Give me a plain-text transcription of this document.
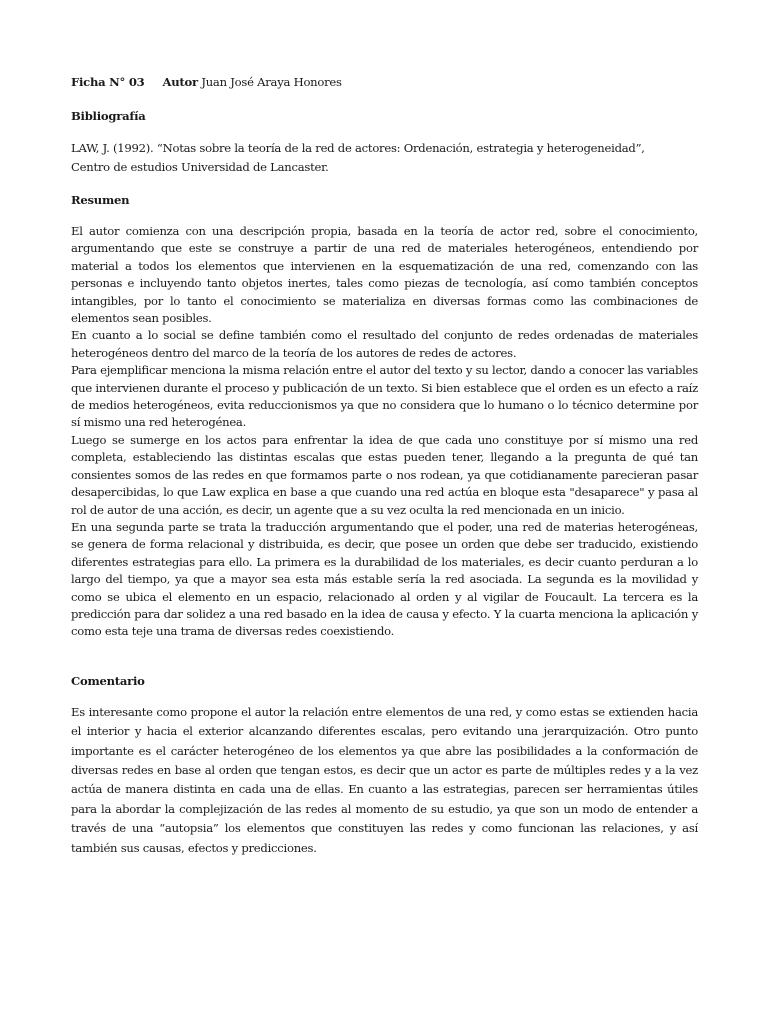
Ficha N° 03 Autor Juan José Araya Honores
Bibliografía
LAW, J. (1992). “Notas sobre la teoría de la red de actores: Ordenación, estrategia y heterogeneidad”,
Centro de estudios Universidad de Lancaster.
Resumen

El autor comienza con una descripción propia, basada en la teoría de actor red, sobre el conocimiento, argumentando que este se construye a partir de una red de materiales heterogéneos, entendiendo por material a todos los elementos que intervienen en la esquematización de una red, comenzando con las personas e incluyendo tanto objetos inertes, tales como piezas de tecnología, así como también conceptos intangibles, por lo tanto el conocimiento se materializa en diversas formas como las combinaciones de elementos sean posibles.

En cuanto a lo social se define también como el resultado del conjunto de redes ordenadas de materiales heterogéneos dentro del marco de la teoría de los autores de redes de actores.

Para ejemplificar menciona la misma relación entre el autor del texto y su lector, dando a conocer las variables que intervienen durante el proceso y publicación de un texto. Si bien establece que el orden es un efecto a raíz de medios heterogéneos, evita reduccionismos ya que no considera que lo humano o lo técnico determine por sí mismo una red heterogénea.

Luego se sumerge en los actos para enfrentar la idea de que cada uno constituye por sí mismo una red completa, estableciendo las distintas escalas que estas pueden tener, llegando a la pregunta de qué tan consientes somos de las redes en que formamos parte o nos rodean, ya que cotidianamente parecieran pasar desapercibidas, lo que Law explica en base a que cuando una red actúa en bloque esta "desaparece" y pasa al rol de autor de una acción, es decir, un agente que a su vez oculta la red mencionada en un inicio.

En una segunda parte se trata la traducción argumentando que el poder, una red de materias heterogéneas, se genera de forma relacional y distribuida, es decir, que posee un orden que debe ser traducido, existiendo diferentes estrategias para ello. La primera es la durabilidad de los materiales, es decir cuanto perduran a lo largo del tiempo, ya que a mayor sea esta más estable sería la red asociada. La segunda es la movilidad y como se ubica el elemento en un espacio, relacionado al orden y al vigilar de Foucault. La tercera es la predicción para dar solidez a una red basado en la idea de causa y efecto. Y la cuarta menciona la aplicación y como esta teje una trama de diversas redes coexistiendo.

Comentario

Es interesante como propone el autor la relación entre elementos de una red, y como estas se extienden hacia el interior y hacia el exterior alcanzando diferentes escalas, pero evitando una jerarquización. Otro punto importante es el carácter heterogéneo de los elementos ya que abre las posibilidades a la conformación de diversas redes en base al orden que tengan estos, es decir que un actor es parte de múltiples redes y a la vez actúa de manera distinta en cada una de ellas. En cuanto a las estrategias, parecen ser herramientas útiles para la abordar la complejización de las redes al momento de su estudio, ya que son un modo de entender a través de una “autopsia” los elementos que constituyen las redes y como funcionan las relaciones, y así también sus causas, efectos y predicciones.
